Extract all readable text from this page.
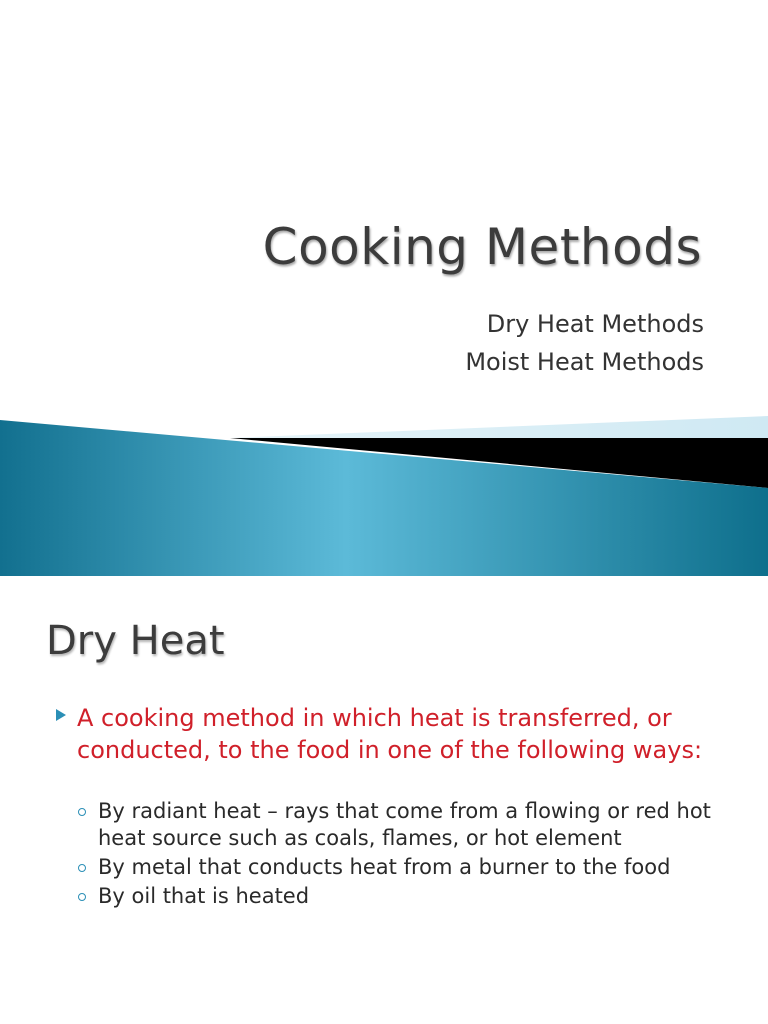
Cooking Methods
Dry Heat Methods
Moist Heat Methods
Dry Heat
A cooking method in which heat is transferred, or conducted, to the food in one of the following ways:
By radiant heat – rays that come from a flowing or red hot heat source such as coals, flames, or hot element
By metal that conducts heat from a burner to the food
By oil that is heated
